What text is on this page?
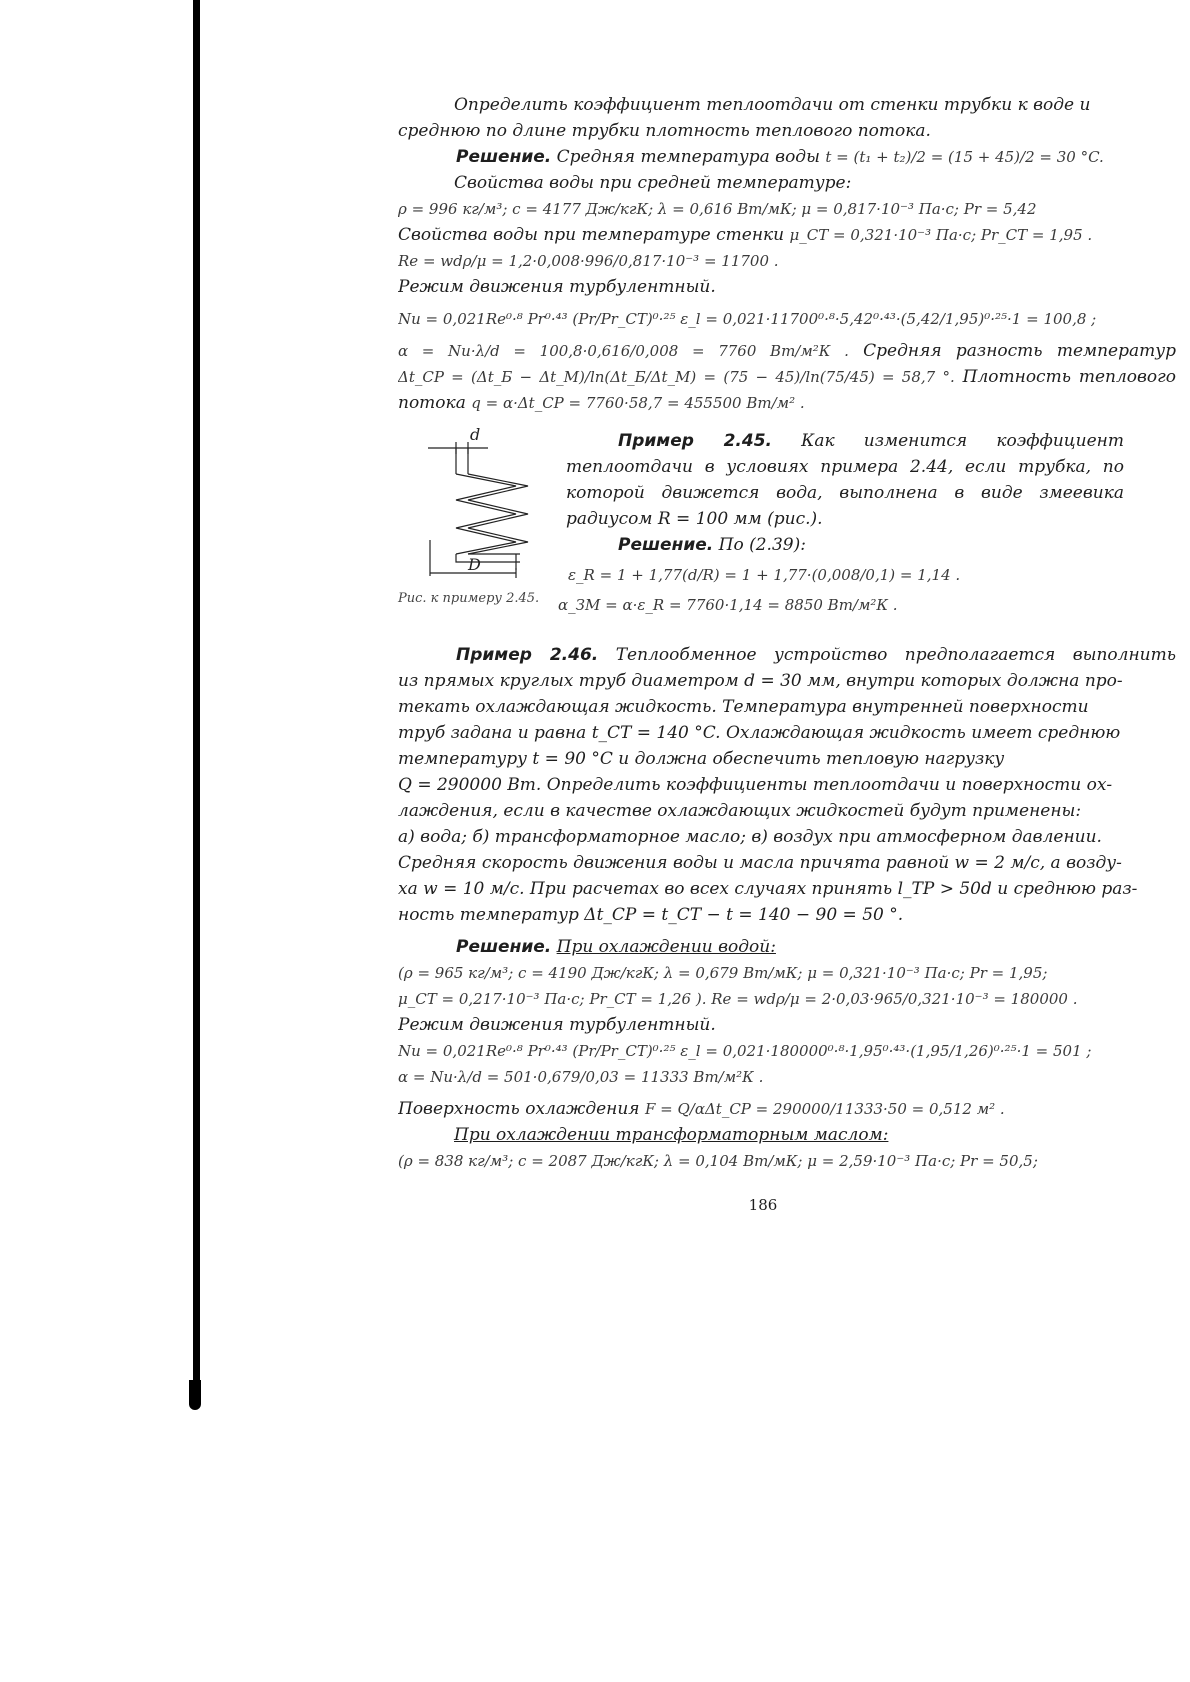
Определить коэффициент теплоотдачи от стенки трубки к воде и

среднюю по длине трубки плотность теплового потока.

Решение. Средняя температура воды t = (t₁ + t₂)/2 = (15 + 45)/2 = 30 °C.

Свойства воды при средней температуре:

ρ = 996 кг/м³; c = 4177 Дж/кгК; λ = 0,616 Вт/мК; μ = 0,817·10⁻³ Па·с; Pr = 5,42

Свойства воды при температуре стенки μ_СТ = 0,321·10⁻³ Па·с; Pr_СТ = 1,95 .

Re = wdρ/μ = 1,2·0,008·996/0,817·10⁻³ = 11700 .

Режим движения турбулентный.

Nu = 0,021Re⁰·⁸ Pr⁰·⁴³ (Pr/Pr_СТ)⁰·²⁵ ε_l = 0,021·11700⁰·⁸·5,42⁰·⁴³·(5,42/1,95)⁰·²⁵·1 = 100,8 ;

α = Nu·λ/d = 100,8·0,616/0,008 = 7760 Вт/м²К . Средняя разность температур

Δt_СР = (Δt_Б − Δt_М)/ln(Δt_Б/Δt_М) = (75 − 45)/ln(75/45) = 58,7 °. Плотность теплового

потока q = α·Δt_СР = 7760·58,7 = 455500 Вт/м² .

d
D
Рис. к примеру 2.45.

Пример 2.45. Как изменится коэффициент теплоотдачи в условиях примера 2.44, если трубка, по которой движется вода, выполнена в виде змеевика радиусом R = 100 мм (рис.).

Решение. По (2.39):

ε_R = 1 + 1,77(d/R) = 1 + 1,77·(0,008/0,1) = 1,14 .

α_ЗМ = α·ε_R = 7760·1,14 = 8850 Вт/м²К .

Пример 2.46. Теплообменное устройство предполагается выполнить

из прямых круглых труб диаметром d = 30 мм, внутри которых должна про-

текать охлаждающая жидкость. Температура внутренней поверхности

труб задана и равна t_СТ = 140 °C. Охлаждающая жидкость имеет среднюю

температуру t = 90 °C и должна обеспечить тепловую нагрузку

Q = 290000 Вт. Определить коэффициенты теплоотдачи и поверхности ох-

лаждения, если в качестве охлаждающих жидкостей будут применены:

а) вода; б) трансформаторное масло; в) воздух при атмосферном давлении.

Средняя скорость движения воды и масла причята равной w = 2 м/с, а возду-

ха w = 10 м/с. При расчетах во всех случаях принять l_ТР > 50d и среднюю раз-

ность температур Δt_СР = t_СТ − t = 140 − 90 = 50 °.

Решение. При охлаждении водой:

(ρ = 965 кг/м³; c = 4190 Дж/кгК; λ = 0,679 Вт/мК; μ = 0,321·10⁻³ Па·с; Pr = 1,95;

μ_СТ = 0,217·10⁻³ Па·с; Pr_СТ = 1,26 ). Re = wdρ/μ = 2·0,03·965/0,321·10⁻³ = 180000 .

Режим движения турбулентный.

Nu = 0,021Re⁰·⁸ Pr⁰·⁴³ (Pr/Pr_СТ)⁰·²⁵ ε_l = 0,021·180000⁰·⁸·1,95⁰·⁴³·(1,95/1,26)⁰·²⁵·1 = 501 ;

α = Nu·λ/d = 501·0,679/0,03 = 11333 Вт/м²К .

Поверхность охлаждения F = Q/αΔt_СР = 290000/11333·50 = 0,512 м² .

При охлаждении трансформаторным маслом:

(ρ = 838 кг/м³; c = 2087 Дж/кгК; λ = 0,104 Вт/мК; μ = 2,59·10⁻³ Па·с; Pr = 50,5;

186
